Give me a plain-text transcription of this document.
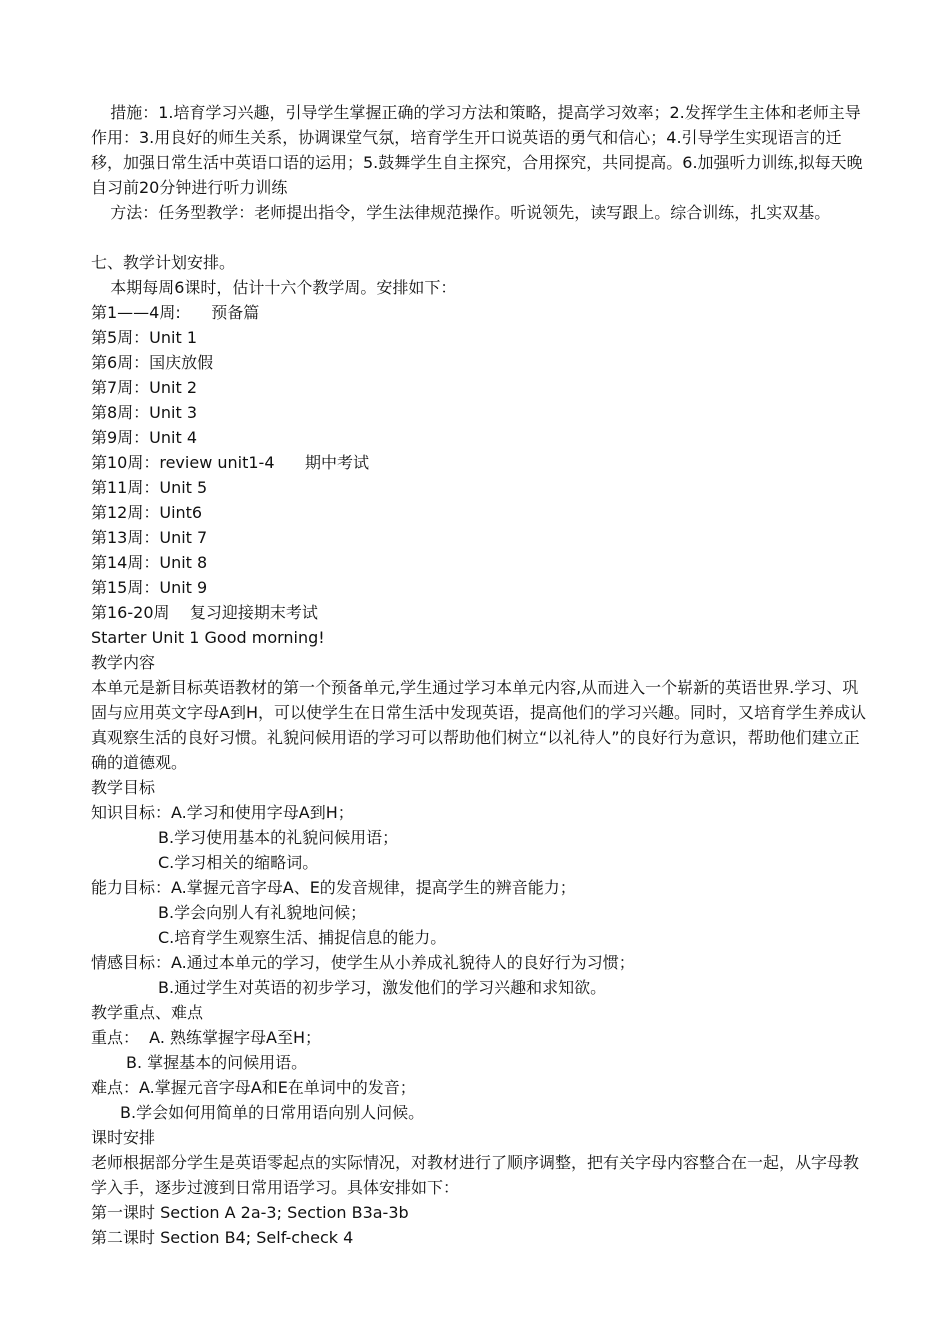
措施：1.培育学习兴趣，引导学生掌握正确的学习方法和策略，提高学习效率；2.发挥学生主体和老师主导作用：3.用良好的师生关系，协调课堂气氛，培育学生开口说英语的勇气和信心；4.引导学生实现语言的迁移，加强日常生活中英语口语的运用；5.鼓舞学生自主探究，合用探究，共同提高。6.加强听力训练,拟每天晚自习前20分钟进行听力训练

方法：任务型教学：老师提出指令，学生法律规范操作。听说领先，读写跟上。综合训练，扎实双基。

七、教学计划安排。

本期每周6课时，估计十六个教学周。安排如下：

第1——4周:      预备篇

第5周：Unit 1

第6周：国庆放假

第7周：Unit 2

第8周：Unit 3

第9周：Unit 4

第10周：review unit1-4      期中考试

第11周：Unit 5

第12周：Uint6

第13周：Unit 7

第14周：Unit 8

第15周：Unit 9

第16-20周    复习迎接期末考试

Starter Unit 1 Good morning!

教学内容

本单元是新目标英语教材的第一个预备单元,学生通过学习本单元内容,从而进入一个崭新的英语世界.学习、巩固与应用英文字母A到H，可以使学生在日常生活中发现英语，提高他们的学习兴趣。同时，又培育学生养成认真观察生活的良好习惯。礼貌问候用语的学习可以帮助他们树立“以礼待人”的良好行为意识，帮助他们建立正确的道德观。

教学目标

知识目标：A.学习和使用字母A到H；

B.学习使用基本的礼貌问候用语；

C.学习相关的缩略词。

能力目标：A.掌握元音字母A、E的发音规律，提高学生的辨音能力；

B.学会向别人有礼貌地问候；

C.培育学生观察生活、捕捉信息的能力。

情感目标：A.通过本单元的学习，使学生从小养成礼貌待人的良好行为习惯；

B.通过学生对英语的初步学习，激发他们的学习兴趣和求知欲。

教学重点、难点

重点：  A. 熟练掌握字母A至H；

B. 掌握基本的问候用语。

难点：A.掌握元音字母A和E在单词中的发音；

B.学会如何用简单的日常用语向别人问候。

课时安排

老师根据部分学生是英语零起点的实际情况，对教材进行了顺序调整，把有关字母内容整合在一起，从字母教学入手，逐步过渡到日常用语学习。具体安排如下：

第一课时 Section A 2a-3; Section B3a-3b

第二课时 Section B4; Self-check 4
